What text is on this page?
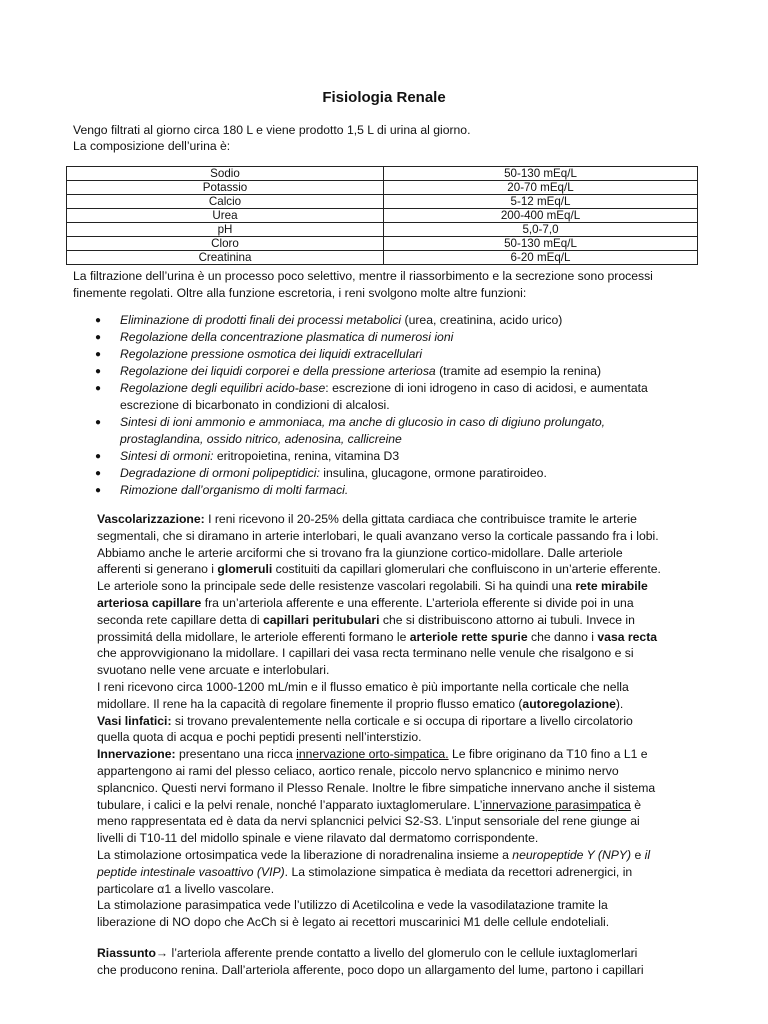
Fisiologia Renale

Vengo filtrati al giorno circa 180 L e viene prodotto 1,5 L di urina al giorno.

La composizione dell’urina è:

Sodio	50-130 mEq/L
Potassio	20-70 mEq/L
Calcio	5-12 mEq/L
Urea	200-400 mEq/L
pH	5,0-7,0
Cloro	50-130 mEq/L
Creatinina	6-20 mEq/L

La filtrazione dell’urina è un processo poco selettivo, mentre il riassorbimento e la secrezione sono processi

finemente regolati. Oltre alla funzione escretoria, i reni svolgono molte altre funzioni:

● Eliminazione di prodotti finali dei processi metabolici (urea, creatinina, acido urico)
● Regolazione della concentrazione plasmatica di numerosi ioni
● Regolazione pressione osmotica dei liquidi extracellulari
● Regolazione dei liquidi corporei e della pressione arteriosa (tramite ad esempio la renina)
● Regolazione degli equilibri acido-base: escrezione di ioni idrogeno in caso di acidosi, e aumentata
escrezione di bicarbonato in condizioni di alcalosi.
● Sintesi di ioni ammonio e ammoniaca, ma anche di glucosio in caso di digiuno prolungato,
prostaglandina, ossido nitrico, adenosina, callicreine
● Sintesi di ormoni: eritropoietina, renina, vitamina D3
● Degradazione di ormoni polipeptidici: insulina, glucagone, ormone paratiroideo.
● Rimozione dall’organismo di molti farmaci.

Vascolarizzazione: I reni ricevono il 20-25% della gittata cardiaca che contribuisce tramite le arterie

segmentali, che si diramano in arterie interlobari, le quali avanzano verso la corticale passando fra i lobi.

Abbiamo anche le arterie arciformi che si trovano fra la giunzione cortico-midollare. Dalle arteriole

afferenti si generano i glomeruli costituiti da capillari glomerulari che confluiscono in un’arterie efferente.

Le arteriole sono la principale sede delle resistenze vascolari regolabili. Si ha quindi una rete mirabile

arteriosa capillare fra un’arteriola afferente e una efferente. L’arteriola efferente si divide poi in una

seconda rete capillare detta di capillari peritubulari che si distribuiscono attorno ai tubuli. Invece in

prossimitá della midollare, le arteriole efferenti formano le arteriole rette spurie che danno i vasa recta

che approvvigionano la midollare. I capillari dei vasa recta terminano nelle venule che risalgono e si

svuotano nelle vene arcuate e interlobulari.

I reni ricevono circa 1000-1200 mL/min e il flusso ematico è più importante nella corticale che nella

midollare. Il rene ha la capacità di regolare finemente il proprio flusso ematico (autoregolazione).

Vasi linfatici: si trovano prevalentemente nella corticale e si occupa di riportare a livello circolatorio

quella quota di acqua e pochi peptidi presenti nell’interstizio.

Innervazione: presentano una ricca innervazione orto-simpatica. Le fibre originano da T10 fino a L1 e

appartengono ai rami del plesso celiaco, aortico renale, piccolo nervo splancnico e minimo nervo

splancnico. Questi nervi formano il Plesso Renale. Inoltre le fibre simpatiche innervano anche il sistema

tubulare, i calici e la pelvi renale, nonché l’apparato iuxtaglomerulare. L’innervazione parasimpatica è

meno rappresentata ed è data da nervi splancnici pelvici S2-S3. L’input sensoriale del rene giunge ai

livelli di T10-11 del midollo spinale e viene rilavato dal dermatomo corrispondente.

La stimolazione ortosimpatica vede la liberazione di noradrenalina insieme a neuropeptide Y (NPY) e il

peptide intestinale vasoattivo (VIP). La stimolazione simpatica è mediata da recettori adrenergici, in

particolare α1 a livello vascolare.

La stimolazione parasimpatica vede l’utilizzo di Acetilcolina e vede la vasodilatazione tramite la

liberazione di NO dopo che AcCh si è legato ai recettori muscarinici M1 delle cellule endoteliali.

Riassunto→ l’arteriola afferente prende contatto a livello del glomerulo con le cellule iuxtaglomerlari

che producono renina. Dall’arteriola afferente, poco dopo un allargamento del lume, partono i capillari
